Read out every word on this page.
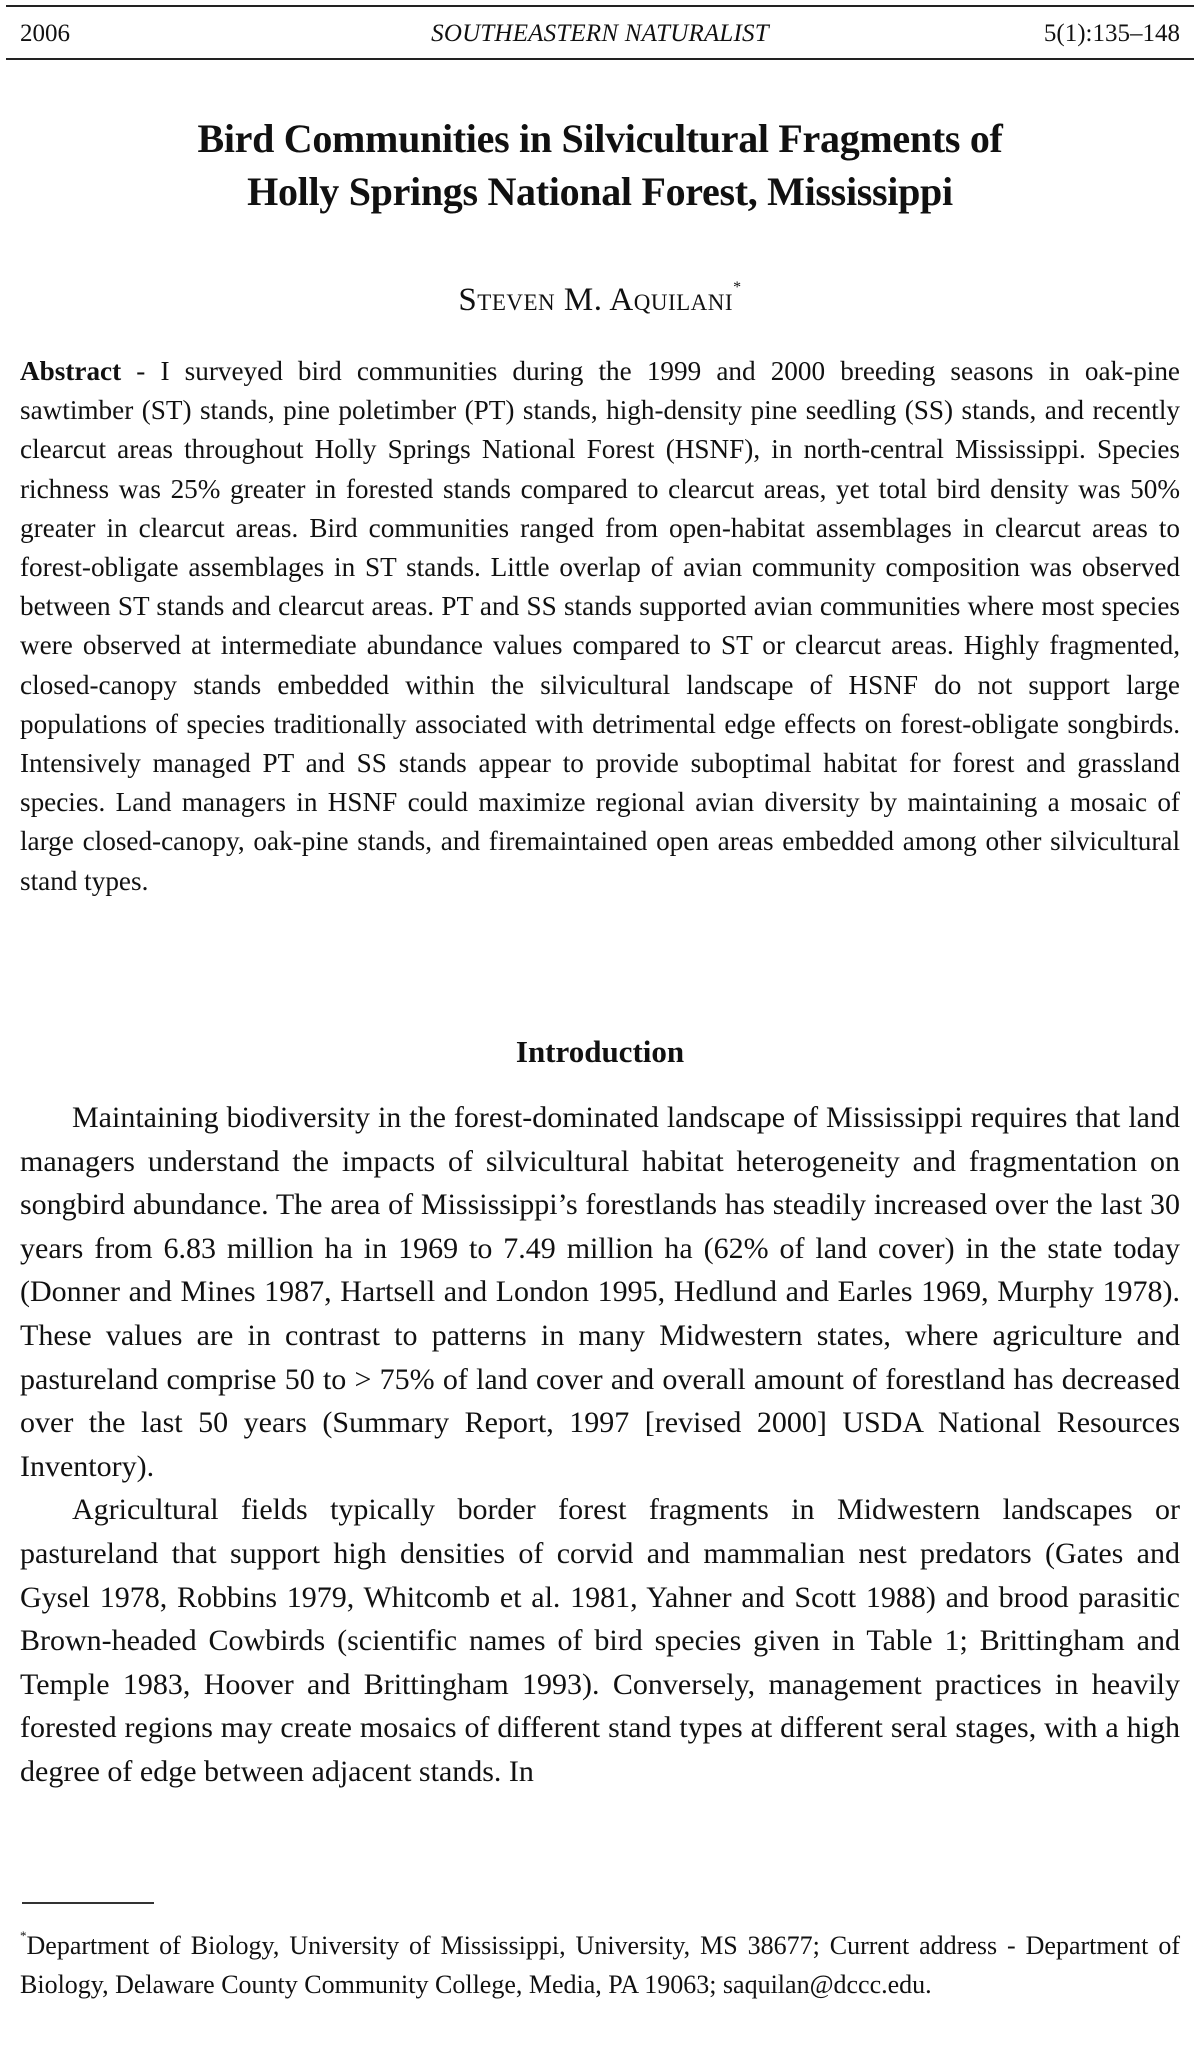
2006	SOUTHEASTERN NATURALIST	5(1):135–148
Bird Communities in Silvicultural Fragments of
Holly Springs National Forest, Mississippi
Steven M. Aquilani*
Abstract - I surveyed bird communities during the 1999 and 2000 breeding seasons in oak-pine sawtimber (ST) stands, pine poletimber (PT) stands, high-density pine seedling (SS) stands, and recently clearcut areas throughout Holly Springs National Forest (HSNF), in north-central Mississippi. Species richness was 25% greater in forested stands compared to clearcut areas, yet total bird density was 50% greater in clearcut areas. Bird communities ranged from open-habitat assemblages in clearcut areas to forest-obligate assemblages in ST stands. Little overlap of avian community composition was observed between ST stands and clearcut areas. PT and SS stands supported avian communities where most species were observed at intermediate abundance values compared to ST or clearcut areas. Highly fragmented, closed-canopy stands embedded within the silvicultural landscape of HSNF do not support large populations of species traditionally associated with detrimental edge effects on forest-obligate songbirds. Intensively managed PT and SS stands appear to provide suboptimal habitat for forest and grassland species. Land managers in HSNF could maximize regional avian diversity by maintaining a mosaic of large closed-canopy, oak-pine stands, and firemaintained open areas embedded among other silvicultural stand types.
Introduction

Maintaining biodiversity in the forest-dominated landscape of Mississippi requires that land managers understand the impacts of silvicultural habitat heterogeneity and fragmentation on songbird abundance. The area of Mississippi’s forestlands has steadily increased over the last 30 years from 6.83 million ha in 1969 to 7.49 million ha (62% of land cover) in the state today (Donner and Mines 1987, Hartsell and London 1995, Hedlund and Earles 1969, Murphy 1978). These values are in contrast to patterns in many Midwestern states, where agriculture and pastureland comprise 50 to > 75% of land cover and overall amount of forestland has decreased over the last 50 years (Summary Report, 1997 [revised 2000] USDA National Resources Inventory).

Agricultural fields typically border forest fragments in Midwestern landscapes or pastureland that support high densities of corvid and mammalian nest predators (Gates and Gysel 1978, Robbins 1979, Whitcomb et al. 1981, Yahner and Scott 1988) and brood parasitic Brown-headed Cowbirds (scientific names of bird species given in Table 1; Brittingham and Temple 1983, Hoover and Brittingham 1993). Conversely, management practices in heavily forested regions may create mosaics of different stand types at different seral stages, with a high degree of edge between adjacent stands. In

*Department of Biology, University of Mississippi, University, MS 38677; Current address - Department of Biology, Delaware County Community College, Media, PA 19063; saquilan@dccc.edu.
